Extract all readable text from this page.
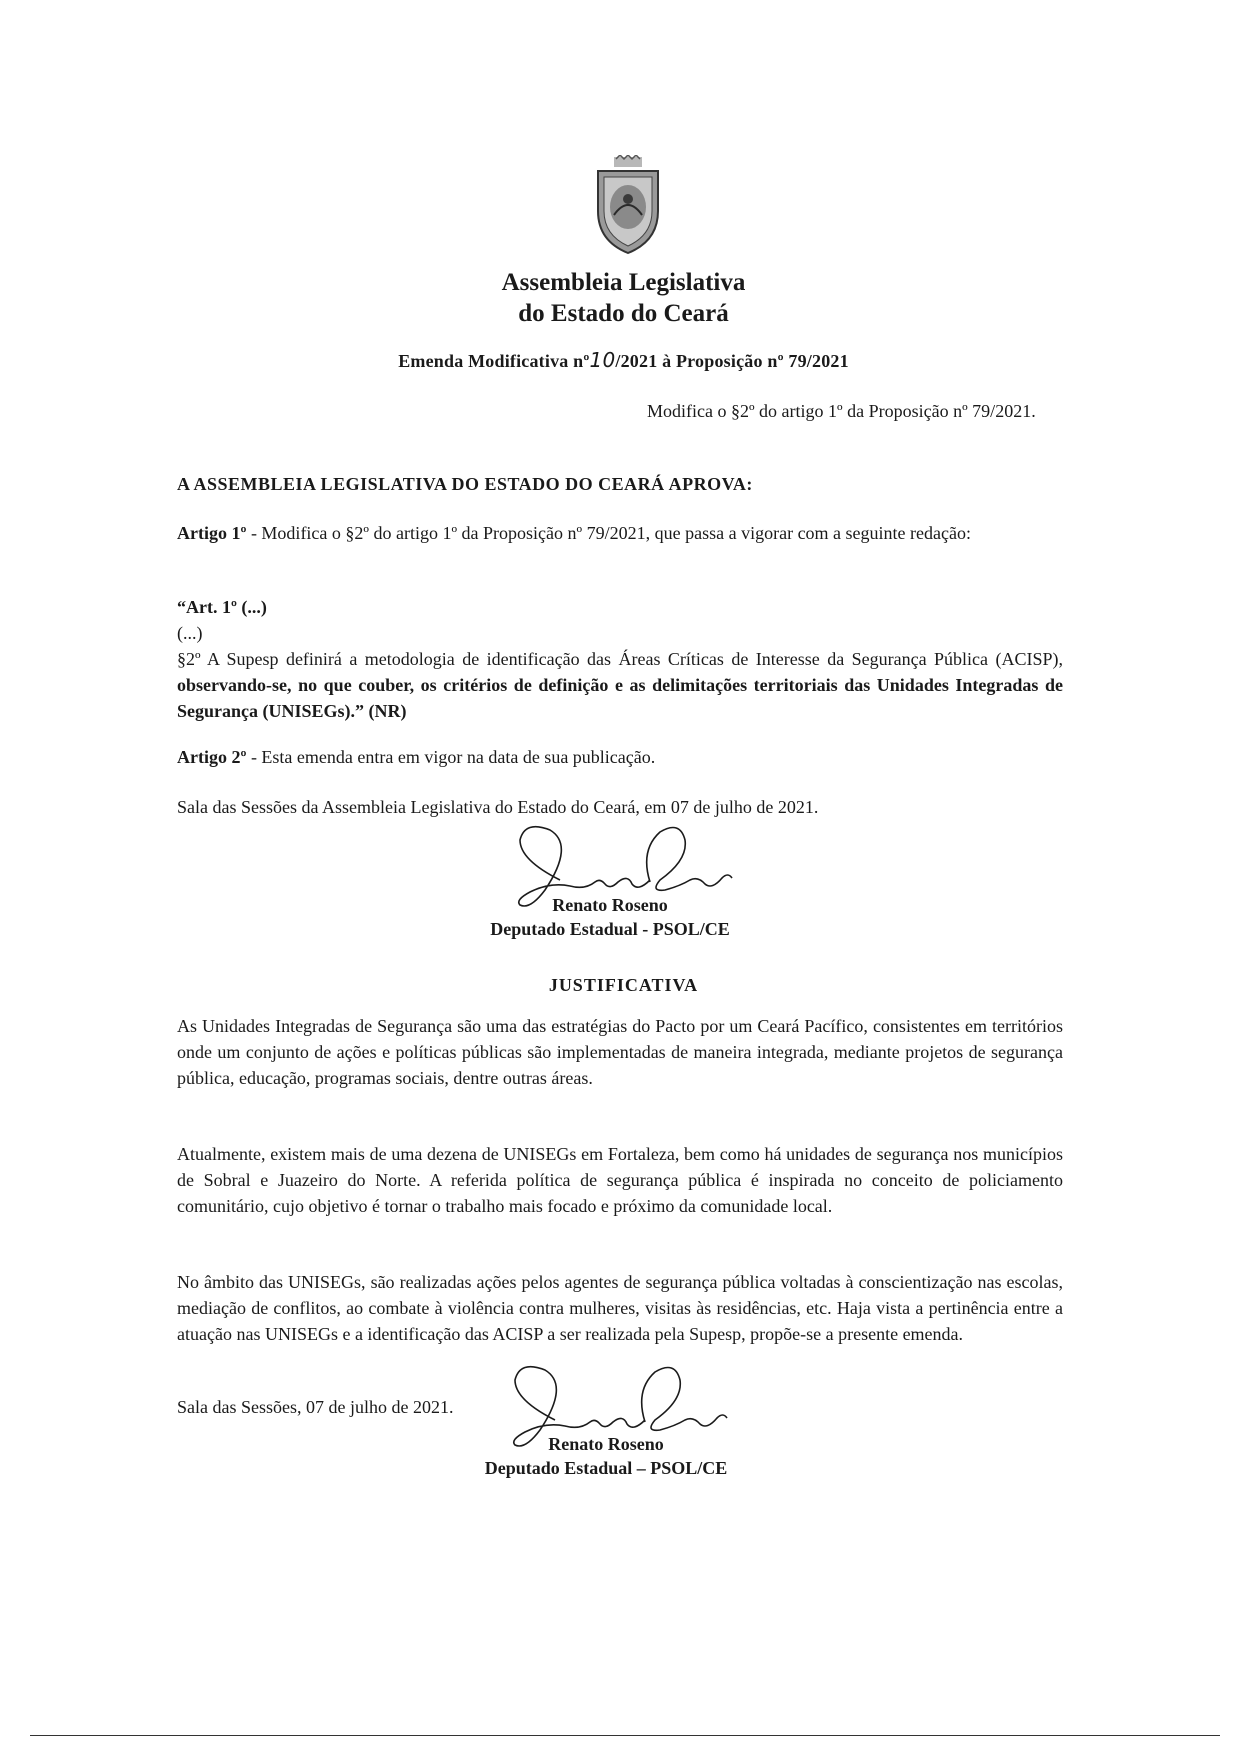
Assembleia Legislativa
do Estado do Ceará
Emenda Modificativa nº10/2021 à Proposição nº 79/2021
Modifica o §2º do artigo 1º da Proposição nº 79/2021.
A ASSEMBLEIA LEGISLATIVA DO ESTADO DO CEARÁ APROVA:
Artigo 1º - Modifica o §2º do artigo 1º da Proposição nº 79/2021, que passa a vigorar com a seguinte redação:
“Art. 1º (...)
(...)
§2º A Supesp definirá a metodologia de identificação das Áreas Críticas de Interesse da Segurança Pública (ACISP), observando-se, no que couber, os critérios de definição e as delimitações territoriais das Unidades Integradas de Segurança (UNISEGs).” (NR)
Artigo 2º - Esta emenda entra em vigor na data de sua publicação.
Sala das Sessões da Assembleia Legislativa do Estado do Ceará, em 07 de julho de 2021.
Renato Roseno
Deputado Estadual - PSOL/CE
JUSTIFICATIVA
As Unidades Integradas de Segurança são uma das estratégias do Pacto por um Ceará Pacífico, consistentes em territórios onde um conjunto de ações e políticas públicas são implementadas de maneira integrada, mediante projetos de segurança pública, educação, programas sociais, dentre outras áreas.
Atualmente, existem mais de uma dezena de UNISEGs em Fortaleza, bem como há unidades de segurança nos municípios de Sobral e Juazeiro do Norte. A referida política de segurança pública é inspirada no conceito de policiamento comunitário, cujo objetivo é tornar o trabalho mais focado e próximo da comunidade local.
No âmbito das UNISEGs, são realizadas ações pelos agentes de segurança pública voltadas à conscientização nas escolas, mediação de conflitos, ao combate à violência contra mulheres, visitas às residências, etc. Haja vista a pertinência entre a atuação nas UNISEGs e a identificação das ACISP a ser realizada pela Supesp, propõe-se a presente emenda.
Sala das Sessões, 07 de julho de 2021.
Renato Roseno
Deputado Estadual – PSOL/CE
